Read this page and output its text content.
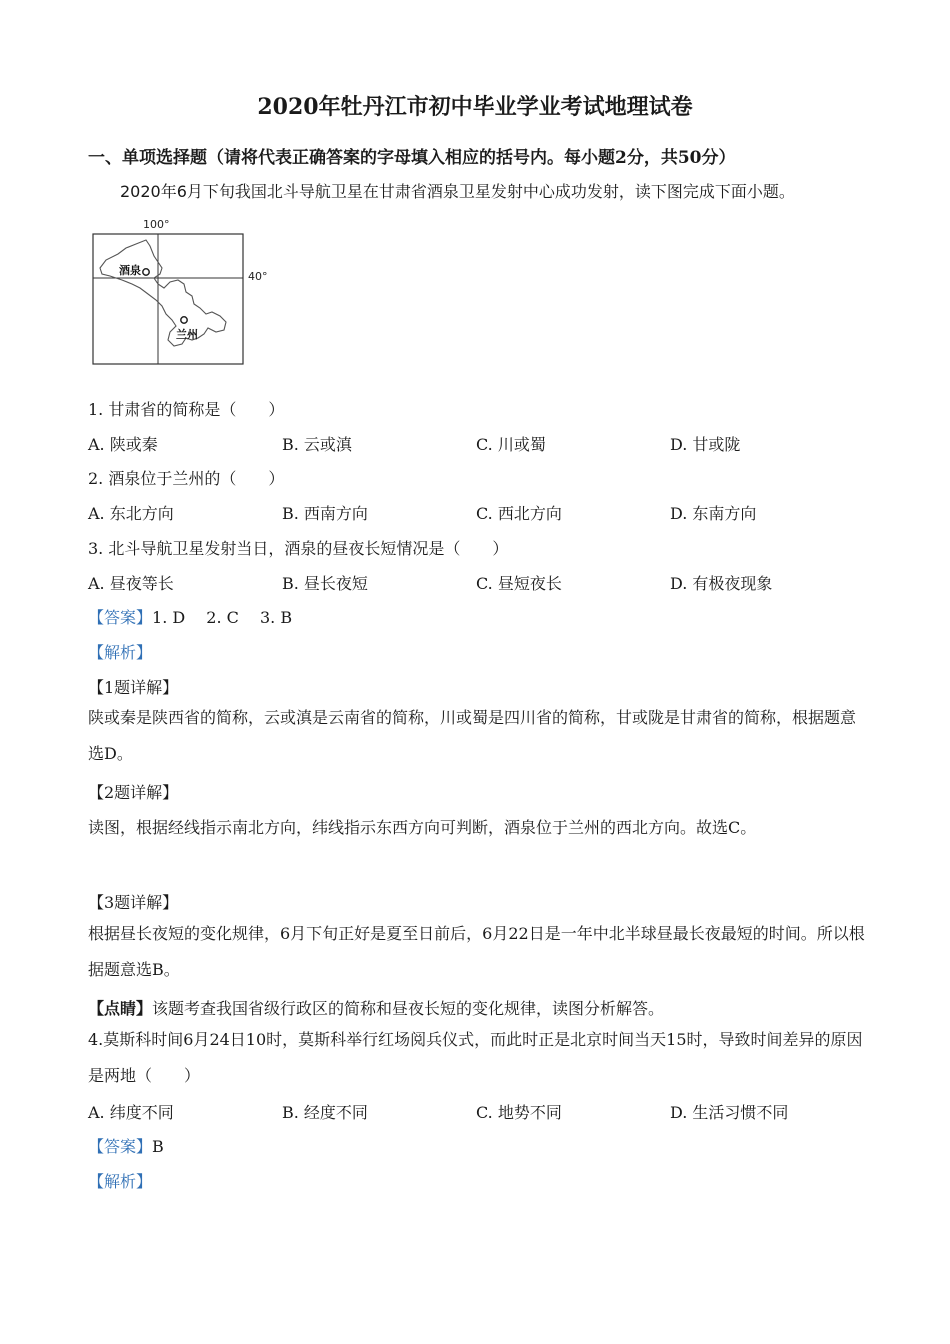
2020年牡丹江市初中毕业学业考试地理试卷
一、单项选择题（请将代表正确答案的字母填入相应的括号内。每小题2分，共50分）
2020年6月下旬我国北斗导航卫星在甘肃省酒泉卫星发射中心成功发射，读下图完成下面小题。
100°
40°
酒泉
兰州
1. 甘肃省的简称是（　　）
A. 陕或秦	B. 云或滇	C. 川或蜀	D. 甘或陇
2. 酒泉位于兰州的（　　）
A. 东北方向	B. 西南方向	C. 西北方向	D. 东南方向
3. 北斗导航卫星发射当日，酒泉的昼夜长短情况是（　　）
A. 昼夜等长	B. 昼长夜短	C. 昼短夜长	D. 有极夜现象
【答案】1. D　 2. C　 3. B
【解析】
【1题详解】
陕或秦是陕西省的简称，云或滇是云南省的简称，川或蜀是四川省的简称，甘或陇是甘肃省的简称，根据题意选D。
【2题详解】
读图，根据经线指示南北方向，纬线指示东西方向可判断，酒泉位于兰州的西北方向。故选C。
【3题详解】
根据昼长夜短的变化规律，6月下旬正好是夏至日前后，6月22日是一年中北半球昼最长夜最短的时间。所以根据题意选B。
【点睛】该题考查我国省级行政区的简称和昼夜长短的变化规律，读图分析解答。
4.莫斯科时间6月24日10时，莫斯科举行红场阅兵仪式，而此时正是北京时间当天15时，导致时间差异的原因是两地（　　）
A. 纬度不同	B. 经度不同	C. 地势不同	D. 生活习惯不同
【答案】B
【解析】
